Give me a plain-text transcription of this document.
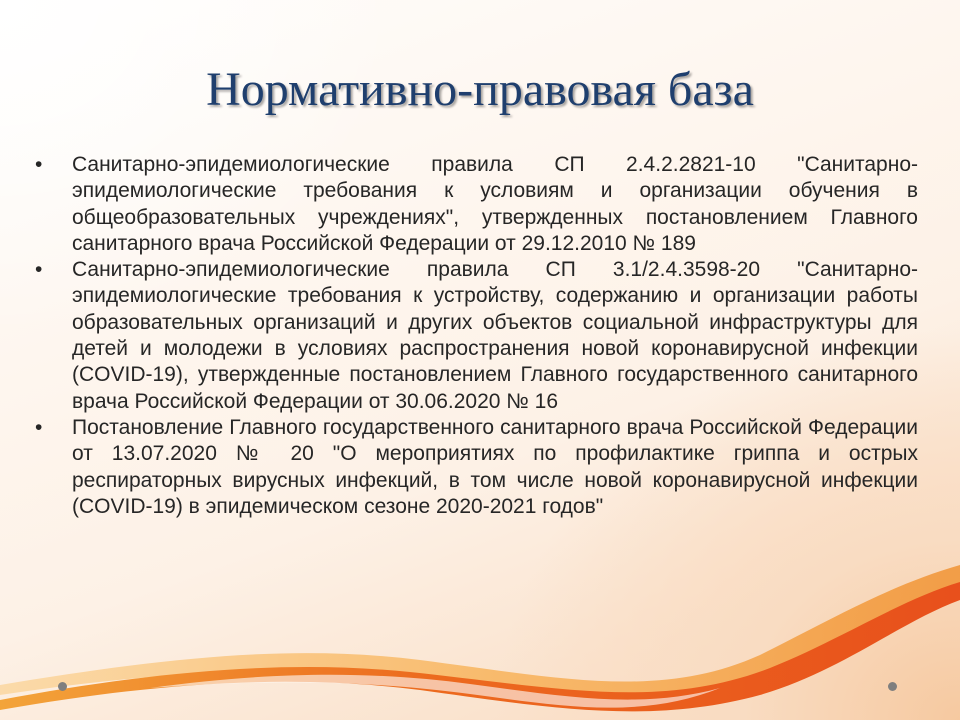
Нормативно-правовая база
• Санитарно-эпидемиологические правила СП 2.4.2.2821-10 "Санитарно-эпидемиологические требования к условиям и организации обучения в общеобразовательных учреждениях", утвержденных постановлением Главного санитарного врача Российской Федерации от 29.12.2010 № 189
• Санитарно-эпидемиологические правила СП 3.1/2.4.3598-20 "Санитарно-эпидемиологические требования к устройству, содержанию и организации работы образовательных организаций и других объектов социальной инфраструктуры для детей и молодежи в условиях распространения новой коронавирусной инфекции (COVID-19), утвержденные постановлением Главного государственного санитарного врача Российской Федерации от 30.06.2020 № 16
• Постановление Главного государственного санитарного врача Российской Федерации от 13.07.2020 № 20 "О мероприятиях по профилактике гриппа и острых респираторных вирусных инфекций, в том числе новой коронавирусной инфекции (COVID-19) в эпидемическом сезоне 2020-2021 годов"
